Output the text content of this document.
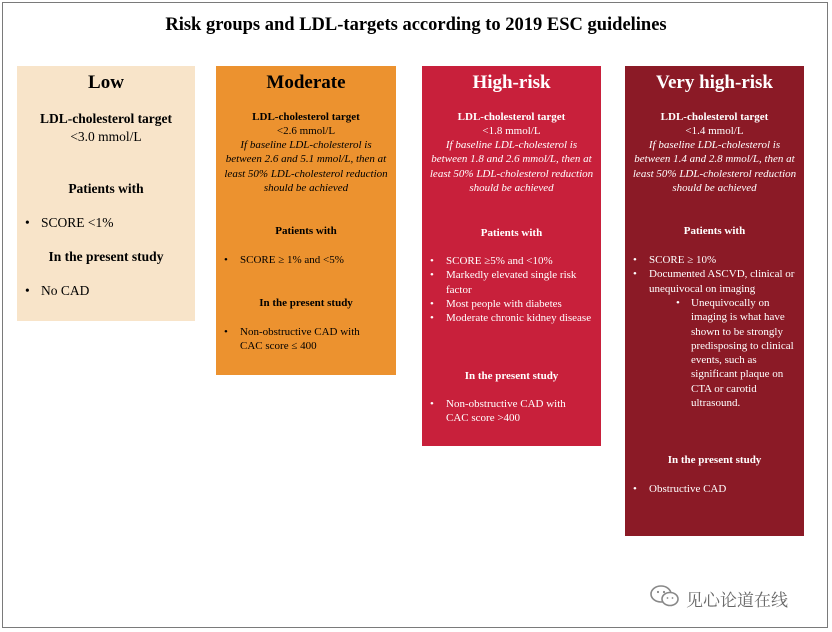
Risk groups and LDL-targets according to 2019 ESC guidelines
Low
LDL-cholesterol target
<3.0 mmol/L
Patients with
• SCORE <1%
In the present study
• No CAD
Moderate
LDL-cholesterol target
<2.6 mmol/L
If baseline LDL-cholesterol is between 2.6 and 5.1 mmol/L, then at least 50% LDL-cholesterol reduction should be achieved
Patients with
• SCORE ≥ 1% and <5%
In the present study
• Non-obstructive CAD with CAC score ≤ 400
High-risk
LDL-cholesterol target
<1.8 mmol/L
If baseline LDL-cholesterol is between 1.8 and 2.6 mmol/L, then at least 50% LDL-cholesterol reduction should be achieved
Patients with
• SCORE ≥5% and <10%
• Markedly elevated single risk factor
• Most people with diabetes
• Moderate chronic kidney disease
In the present study
• Non-obstructive CAD with CAC score >400
Very high-risk
LDL-cholesterol target
<1.4 mmol/L
If baseline LDL-cholesterol is between 1.4 and 2.8 mmol/L, then at least 50% LDL-cholesterol reduction should be achieved
Patients with
• SCORE ≥ 10%
• Documented ASCVD, clinical or unequivocal on imaging
• Unequivocally on imaging is what have shown to be strongly predisposing to clinical events, such as significant plaque on CTA or carotid ultrasound.
In the present study
• Obstructive CAD
见心论道在线
